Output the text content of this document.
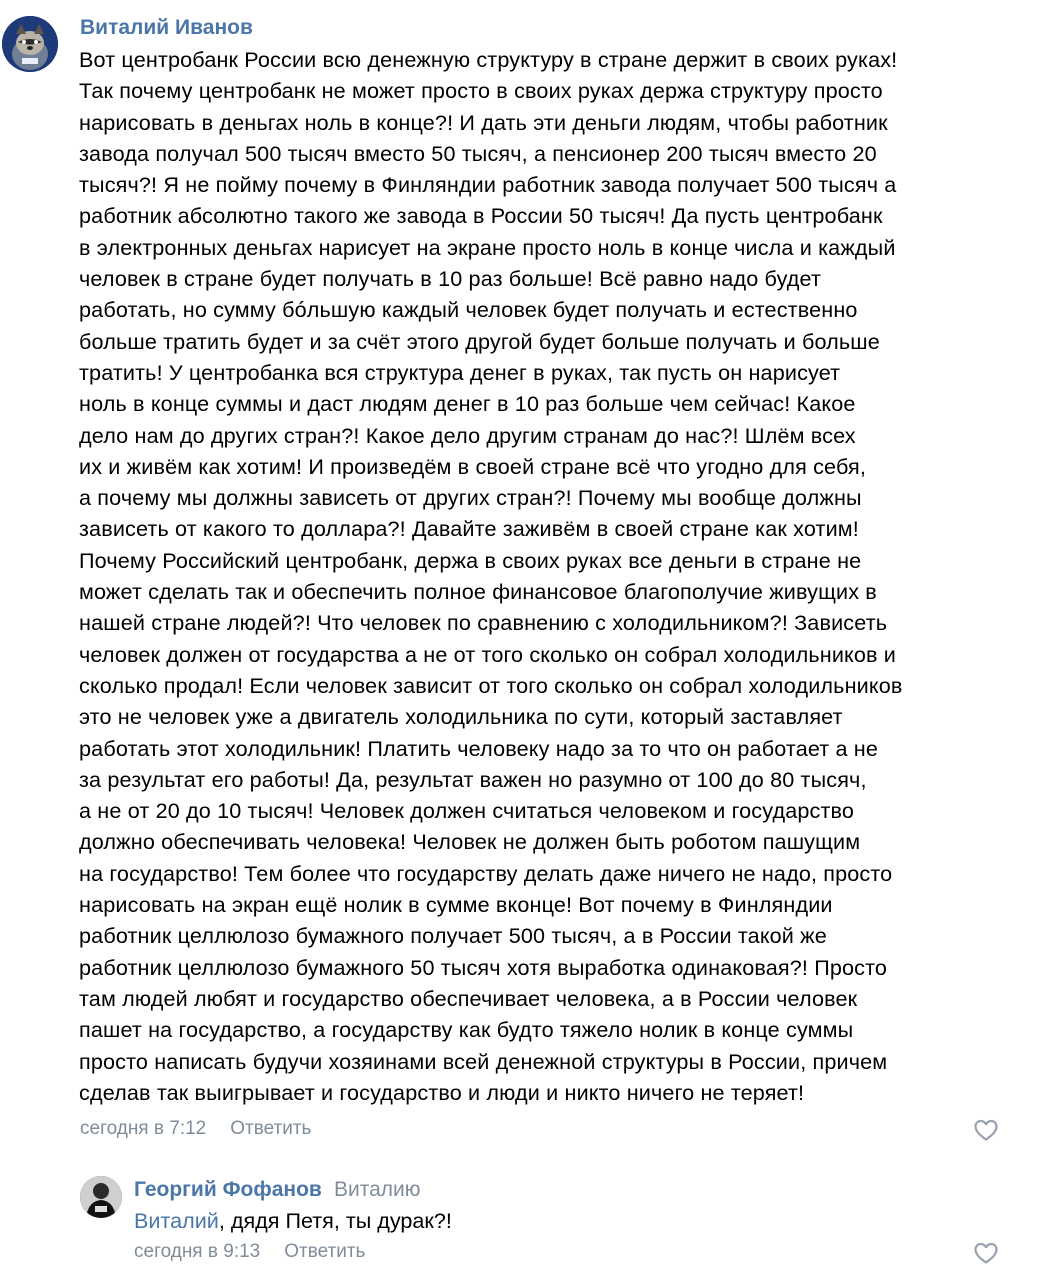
Виталий Иванов
Вот центробанк России всю денежную структуру в стране держит в своих руках!
Так почему центробанк не может просто в своих руках держа структуру просто
нарисовать в деньгах ноль в конце?! И дать эти деньги людям, чтобы работник
завода получал 500 тысяч вместо 50 тысяч, а пенсионер 200 тысяч вместо 20
тысяч?! Я не пойму почему в Финляндии работник завода получает 500 тысяч а
работник абсолютно такого же завода в России 50 тысяч! Да пусть центробанк
в электронных деньгах нарисует на экране просто ноль в конце числа и каждый
человек в стране будет получать в 10 раз больше! Всё равно надо будет
работать, но сумму бóльшую каждый человек будет получать и естественно
больше тратить будет и за счёт этого другой будет больше получать и больше
тратить! У центробанка вся структура денег в руках, так пусть он нарисует
ноль в конце суммы и даст людям денег в 10 раз больше чем сейчас! Какое
дело нам до других стран?! Какое дело другим странам до нас?! Шлём всех
их и живём как хотим! И произведём в своей стране всё что угодно для себя,
а почему мы должны зависеть от других стран?! Почему мы вообще должны
зависеть от какого то доллара?! Давайте заживём в своей стране как хотим!
Почему Российский центробанк, держа в своих руках все деньги в стране не
может сделать так и обеспечить полное финансовое благополучие живущих в
нашей стране людей?! Что человек по сравнению с холодильником?! Зависеть
человек должен от государства а не от того сколько он собрал холодильников и
сколько продал! Если человек зависит от того сколько он собрал холодильников
это не человек уже а двигатель холодильника по сути, который заставляет
работать этот холодильник! Платить человеку надо за то что он работает а не
за результат его работы! Да, результат важен но разумно от 100 до 80 тысяч,
а не от 20 до 10 тысяч! Человек должен считаться человеком и государство
должно обеспечивать человека! Человек не должен быть роботом пашущим
на государство! Тем более что государству делать даже ничего не надо, просто
нарисовать на экран ещё нолик в сумме вконце! Вот почему в Финляндии
работник целлюлозо бумажного получает 500 тысяч, а в России такой же
работник целлюлозо бумажного 50 тысяч хотя выработка одинаковая?! Просто
там людей любят и государство обеспечивает человека, а в России человек
пашет на государство, а государству как будто тяжело нолик в конце суммы
просто написать будучи хозяинами всей денежной структуры в России, причем
сделав так выигрывает и государство и люди и никто ничего не теряет!
сегодня в 7:12 Ответить
Георгий Фофанов Виталию
Виталий, дядя Петя, ты дурак?!
сегодня в 9:13 Ответить
